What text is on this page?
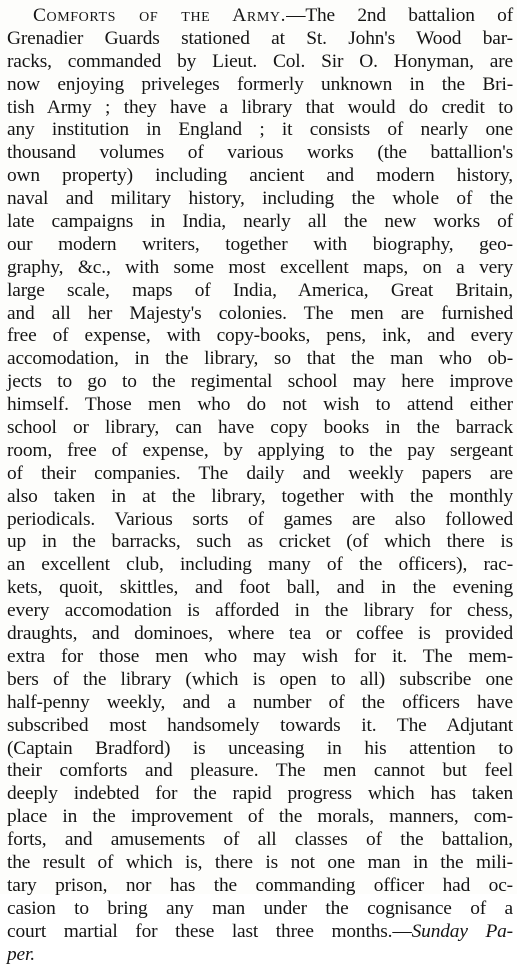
Comforts of the Army.—The 2nd battalion of
Grenadier Guards stationed at St. John's Wood bar-
racks, commanded by Lieut. Col. Sir O. Honyman, are
now enjoying priveleges formerly unknown in the Bri-
tish Army ; they have a library that would do credit to
any institution in England ; it consists of nearly one
thousand volumes of various works (the battallion's
own property) including ancient and modern history,
naval and military history, including the whole of the
late campaigns in India, nearly all the new works of
our modern writers, together with biography, geo-
graphy, &c., with some most excellent maps, on a very
large scale, maps of India, America, Great Britain,
and all her Majesty's colonies. The men are furnished
free of expense, with copy-books, pens, ink, and every
accomodation, in the library, so that the man who ob-
jects to go to the regimental school may here improve
himself. Those men who do not wish to attend either
school or library, can have copy books in the barrack
room, free of expense, by applying to the pay sergeant
of their companies. The daily and weekly papers are
also taken in at the library, together with the monthly
periodicals. Various sorts of games are also followed
up in the barracks, such as cricket (of which there is
an excellent club, including many of the officers), rac-
kets, quoit, skittles, and foot ball, and in the evening
every accomodation is afforded in the library for chess,
draughts, and dominoes, where tea or coffee is provided
extra for those men who may wish for it. The mem-
bers of the library (which is open to all) subscribe one
half-penny weekly, and a number of the officers have
subscribed most handsomely towards it. The Adjutant
(Captain Bradford) is unceasing in his attention to
their comforts and pleasure. The men cannot but feel
deeply indebted for the rapid progress which has taken
place in the improvement of the morals, manners, com-
forts, and amusements of all classes of the battalion,
the result of which is, there is not one man in the mili-
tary prison, nor has the commanding officer had oc-
casion to bring any man under the cognisance of a
court martial for these last three months.—Sunday Pa-
per.
